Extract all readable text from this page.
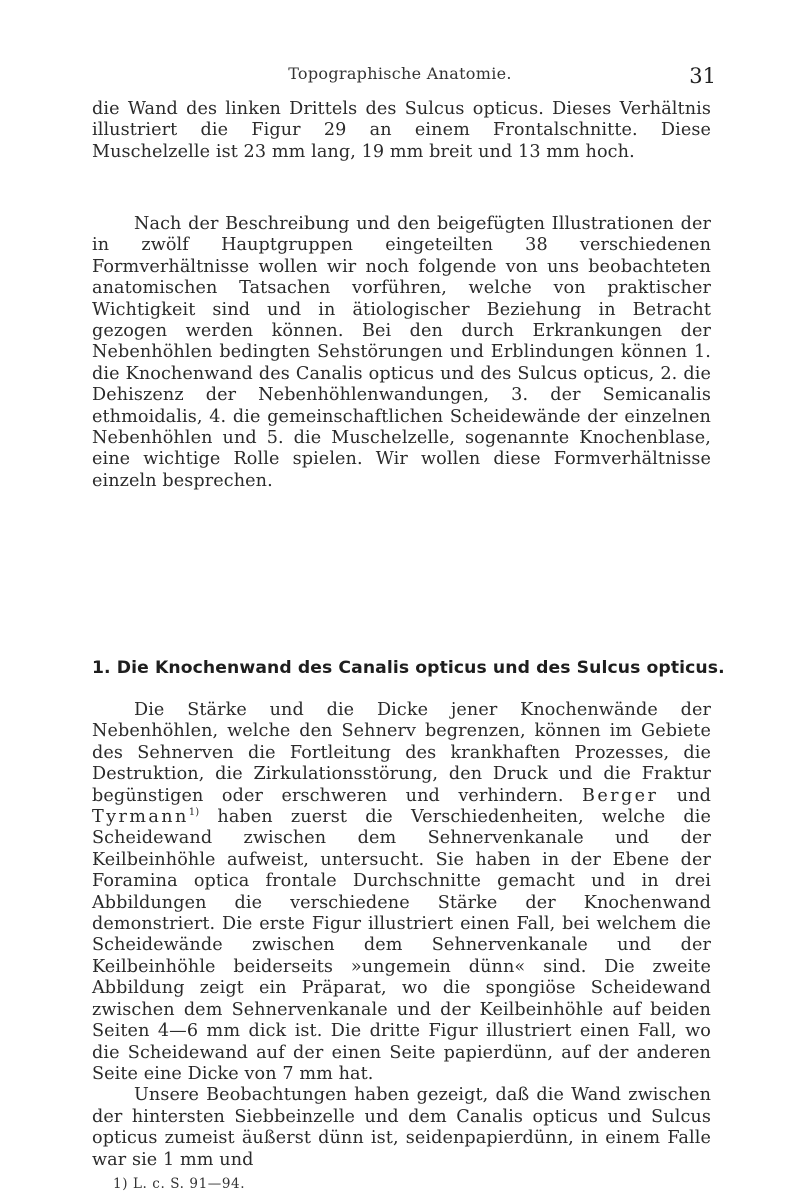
Topographische Anatomie.	31

die Wand des linken Drittels des Sulcus opticus. Dieses Verhältnis illustriert die Figur 29 an einem Frontalschnitte. Diese Muschelzelle ist 23 mm lang, 19 mm breit und 13 mm hoch.

Nach der Beschreibung und den beigefügten Illustrationen der in zwölf Hauptgruppen eingeteilten 38 verschiedenen Formverhältnisse wollen wir noch folgende von uns beobachteten anatomischen Tatsachen vorführen, welche von praktischer Wichtigkeit sind und in ätiologischer Beziehung in Betracht gezogen werden können. Bei den durch Erkrankungen der Nebenhöhlen bedingten Sehstörungen und Erblindungen können 1. die Knochenwand des Canalis opticus und des Sulcus opticus, 2. die Dehiszenz der Nebenhöhlenwandungen, 3. der Semicanalis ethmoidalis, 4. die gemeinschaftlichen Scheidewände der einzelnen Nebenhöhlen und 5. die Muschelzelle, sogenannte Knochenblase, eine wichtige Rolle spielen. Wir wollen diese Formverhältnisse einzeln besprechen.

1. Die Knochenwand des Canalis opticus und des Sulcus opticus.

Die Stärke und die Dicke jener Knochenwände der Nebenhöhlen, welche den Sehnerv begrenzen, können im Gebiete des Sehnerven die Fortleitung des krankhaften Prozesses, die Destruktion, die Zirkulationsstörung, den Druck und die Fraktur begünstigen oder erschweren und verhindern. Berger und Tyrmann$^{1)}$ haben zuerst die Verschiedenheiten, welche die Scheidewand zwischen dem Sehnervenkanale und der Keilbeinhöhle aufweist, untersucht. Sie haben in der Ebene der Foramina optica frontale Durchschnitte gemacht und in drei Abbildungen die verschiedene Stärke der Knochenwand demonstriert. Die erste Figur illustriert einen Fall, bei welchem die Scheidewände zwischen dem Sehnervenkanale und der Keilbeinhöhle beiderseits »ungemein dünn« sind. Die zweite Abbildung zeigt ein Präparat, wo die spongiöse Scheidewand zwischen dem Sehnervenkanale und der Keilbeinhöhle auf beiden Seiten 4—6 mm dick ist. Die dritte Figur illustriert einen Fall, wo die Scheidewand auf der einen Seite papierdünn, auf der anderen Seite eine Dicke von 7 mm hat.

Unsere Beobachtungen haben gezeigt, daß die Wand zwischen der hintersten Siebbeinzelle und dem Canalis opticus und Sulcus opticus zumeist äußerst dünn ist, seidenpapierdünn, in einem Falle war sie 1 mm und

1) L. c. S. 91—94.
